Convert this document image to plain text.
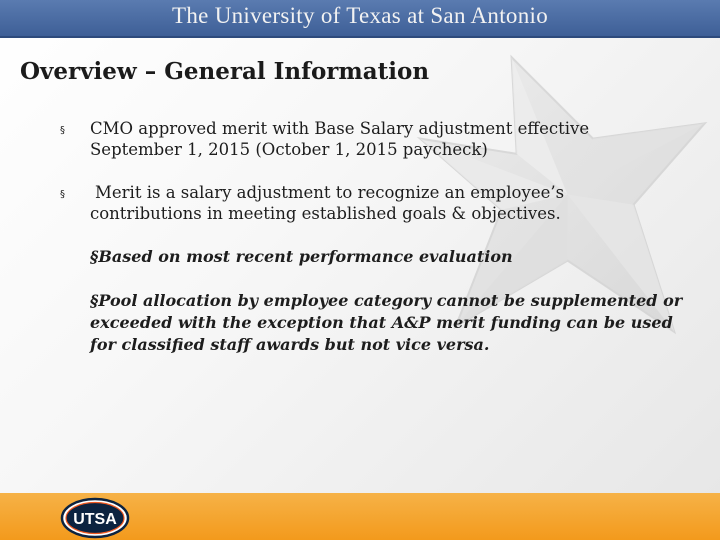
The University of Texas at San Antonio
Overview – General Information
§ CMO approved merit with Base Salary adjustment effective
September 1, 2015 (October 1, 2015 paycheck)
§	Merit is a salary adjustment to recognize an employee’s
contributions in meeting established goals & objectives.
§Based on most recent performance evaluation
§Pool allocation by employee category cannot be supplemented or
exceeded with the exception that A&P merit funding can be used
for classified staff awards but not vice versa.
UTSA
